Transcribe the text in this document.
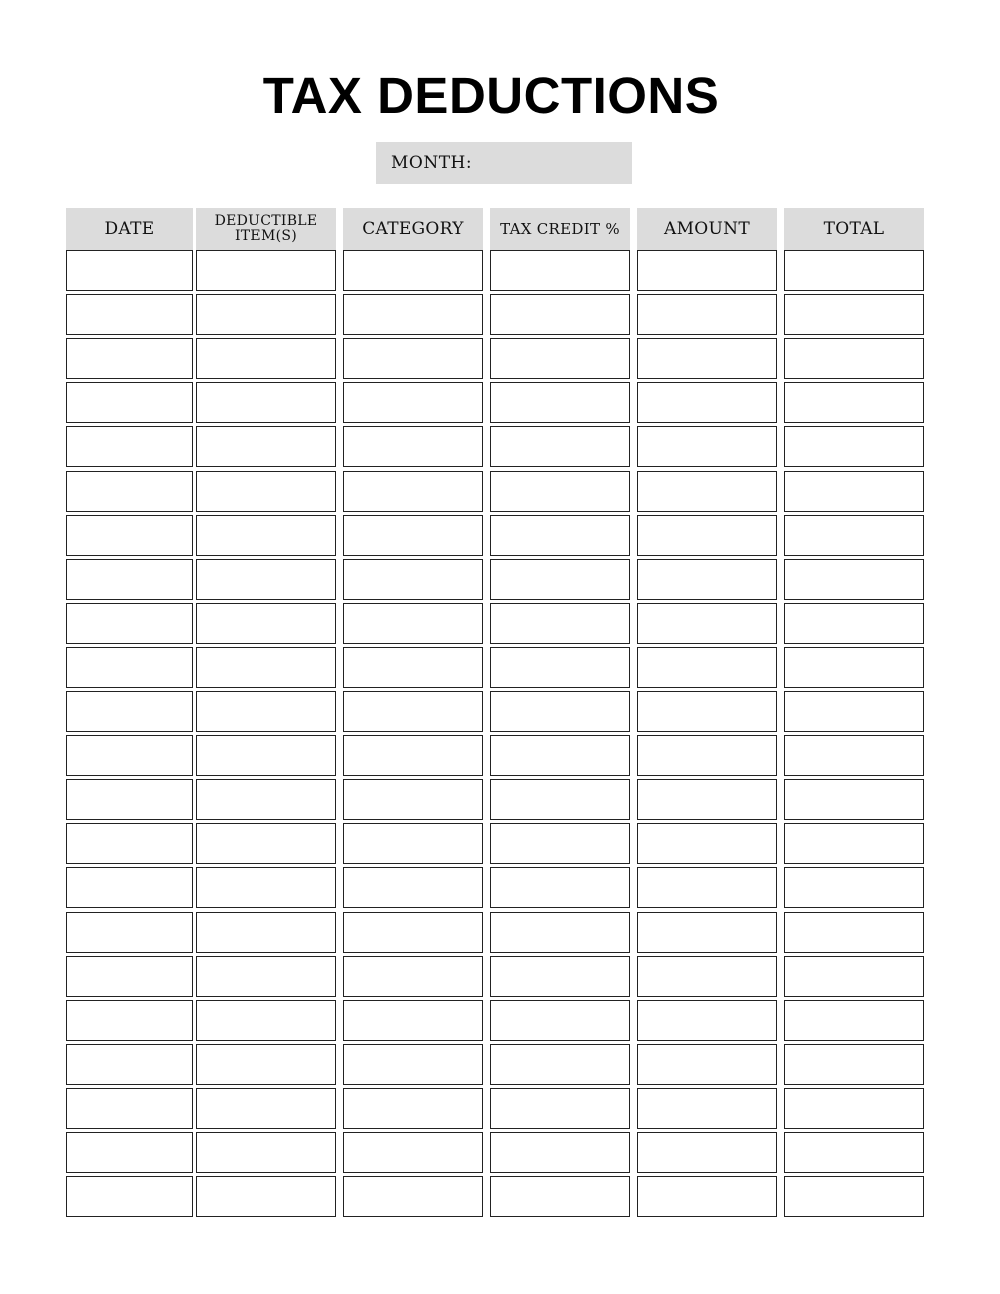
TAX DEDUCTIONS
MONTH:
DATE	DEDUCTIBLE ITEM(S)	CATEGORY	TAX CREDIT %	AMOUNT	TOTAL
